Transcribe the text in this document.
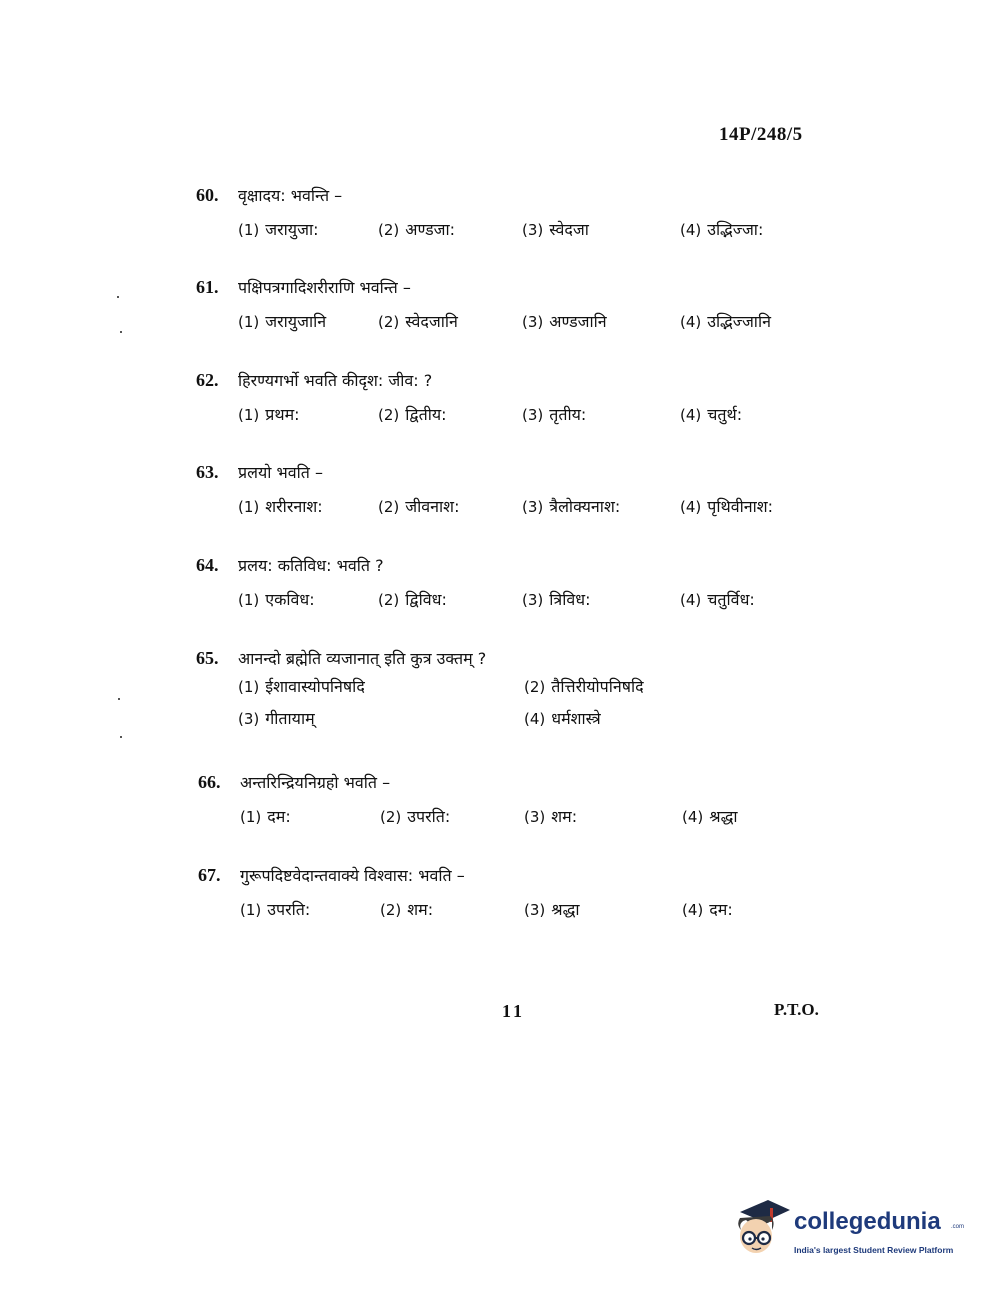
14P/248/5
60.	वृक्षादय: भवन्ति –
(1) जरायुजा:	(2) अण्डजा:	(3) स्वेदजा	(4) उद्भिज्जा:
61.	पक्षिपत्रगादिशरीराणि भवन्ति –
(1) जरायुजानि	(2) स्वेदजानि	(3) अण्डजानि	(4) उद्भिज्जानि
62.	हिरण्यगर्भो भवति कीदृश: जीव: ?
(1) प्रथम:	(2) द्वितीय:	(3) तृतीय:	(4) चतुर्थ:
63.	प्रलयो भवति –
(1) शरीरनाश:	(2) जीवनाश:	(3) त्रैलोक्यनाश:	(4) पृथिवीनाश:
64.	प्रलय: कतिविध: भवति ?
(1) एकविध:	(2) द्विविध:	(3) त्रिविध:	(4) चतुर्विध:
65.	आनन्दो ब्रह्मेति व्यजानात् इति कुत्र उक्तम् ?
(1) ईशावास्योपनिषदि	(2) तैत्तिरीयोपनिषदि
(3) गीतायाम्	(4) धर्मशास्त्रे
66.	अन्तरिन्द्रियनिग्रहो भवति –
(1) दम:	(2) उपरति:	(3) शम:	(4) श्रद्धा
67.	गुरूपदिष्टवेदान्तवाक्ये विश्वास: भवति –
(1) उपरति:	(2) शम:	(3) श्रद्धा	(4) दम:
11	P.T.O.
collegedunia .com
India's largest Student Review Platform
